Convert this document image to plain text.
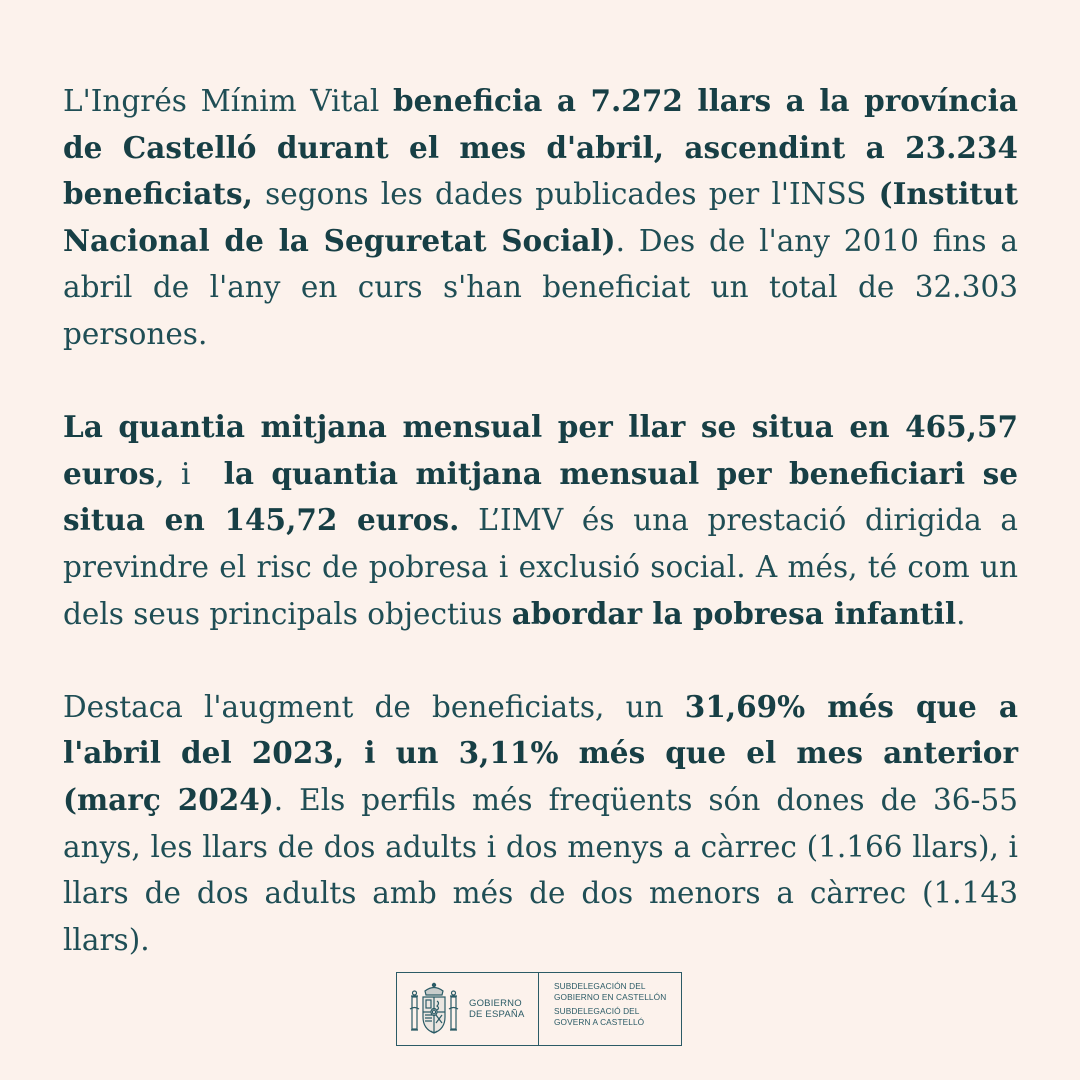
L'Ingrés Mínim Vital beneficia a 7.272 llars a la província de Castelló durant el mes d'abril, ascendint a 23.234 beneficiats, segons les dades publicades per l'INSS (Institut Nacional de la Seguretat Social). Des de l'any 2010 fins a abril de l'any en curs s'han beneficiat un total de 32.303 persones.

La quantia mitjana mensual per llar se situa en 465,57 euros, i  la quantia mitjana mensual per beneficiari se situa en 145,72 euros. L’IMV és una prestació dirigida a previndre el risc de pobresa i exclusió social. A més, té com un dels seus principals objectius abordar la pobresa infantil.

Destaca l'augment de beneficiats, un 31,69% més que a l'abril del 2023, i un 3,11% més que el mes anterior (març 2024). Els perfils més freqüents són dones de 36-55 anys, les llars de dos adults i dos menys a càrrec (1.166 llars), i llars de dos adults amb més de dos menors a càrrec (1.143 llars).

GOBIERNO
DE ESPAÑA
SUBDELEGACIÓN DEL
GOBIERNO EN CASTELLÓN
SUBDELEGACIÓ DEL
GOVERN A CASTELLÓ
